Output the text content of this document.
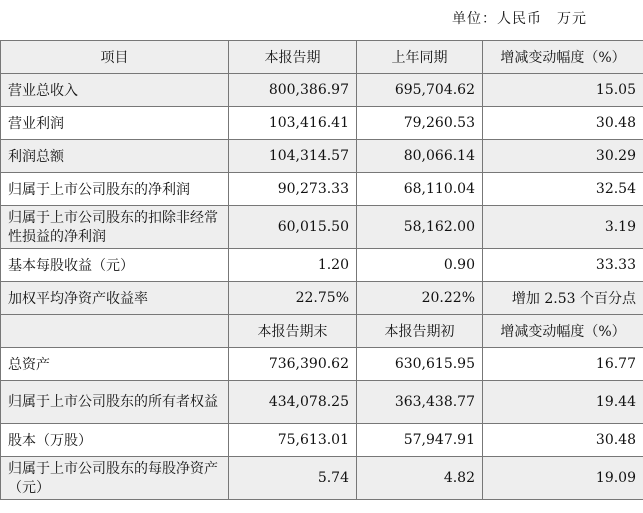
单位：人民币　万元
项目	本报告期	上年同期	增减变动幅度（%）
营业总收入	800,386.97	695,704.62	15.05
营业利润	103,416.41	79,260.53	30.48
利润总额	104,314.57	80,066.14	30.29
归属于上市公司股东的净利润	90,273.33	68,110.04	32.54
归属于上市公司股东的扣除非经常性损益的净利润	60,015.50	58,162.00	3.19
基本每股收益（元）	1.20	0.90	33.33
加权平均净资产收益率	22.75%	20.22%	增加 2.53 个百分点
	本报告期末	本报告期初	增减变动幅度（%）
总资产	736,390.62	630,615.95	16.77
归属于上市公司股东的所有者权益	434,078.25	363,438.77	19.44
股本（万股）	75,613.01	57,947.91	30.48
归属于上市公司股东的每股净资产（元）	5.74	4.82	19.09
